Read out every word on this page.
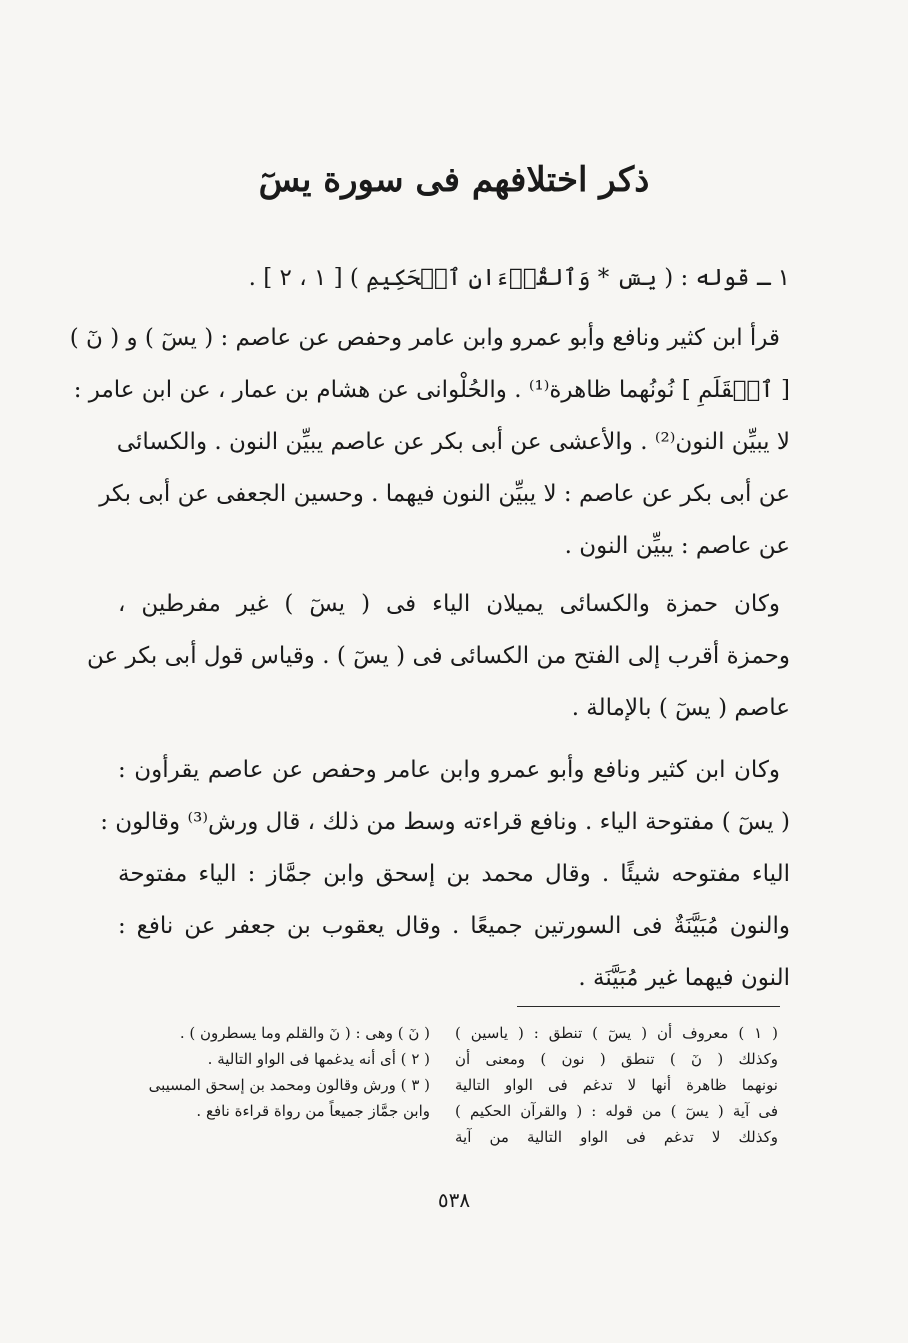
ذكر اختلافهم فى سورة يسٓ
١ ـ قوله : ( يسٓ * وَٱلقُرۡءَانِ ٱلۡحَكِيمِ ) [ ١ ، ٢ ] .
قرأ ابن كثير ونافع وأبو عمرو وابن عامر وحفص عن عاصم : ( يسٓ ) و ( نٓ )
[ ٱلۡقَلَمِ ] نُونُهما ظاهرة⁽¹⁾ . والحُلْوانى عن هشام بن عمار ، عن ابن عامر :
لا يبيِّن النون⁽²⁾ . والأعشى عن أبى بكر عن عاصم يبيِّن النون . والكسائى
عن أبى بكر عن عاصم : لا يبيِّن النون فيهما . وحسين الجعفى عن أبى بكر
عن عاصم : يبيِّن النون .
وكان حمزة والكسائى يميلان الياء فى ( يسٓ ) غير مفرطين ،
وحمزة أقرب إلى الفتح من الكسائى فى ( يسٓ ) . وقياس قول أبى بكر عن
عاصم ( يسٓ ) بالإمالة .
وكان ابن كثير ونافع وأبو عمرو وابن عامر وحفص عن عاصم يقرأون :
( يسٓ ) مفتوحة الياء . ونافع قراءته وسط من ذلك ، قال ورش⁽³⁾ وقالون :
الياء مفتوحه شيئًا . وقال محمد بن إسحق وابن جمَّاز : الياء مفتوحة
والنون مُبَيَّنَةٌ فى السورتين جميعًا . وقال يعقوب بن جعفر عن نافع :
النون فيهما غير مُبَيَّنَة .
( ١ ) معروف أن ( يسٓ ) تنطق : ( ياسين )
وكذلك ( نٓ ) تنطق ( نون ) ومعنى أن
نونهما ظاهرة أنها لا تدغم فى الواو التالية
فى آية ( يسٓ ) من قوله : ( والقرآن الحكيم )
وكذلك لا تدغم فى الواو التالية من آية
( نٓ ) وهى : ( نٓ والقلم وما يسطرون ) .
( ٢ ) أى أنه يدغمها فى الواو التالية .
( ٣ ) ورش وقالون ومحمد بن إسحق المسيبى
وابن جمَّاز جميعاً من رواة قراءة نافع .
٥٣٨
